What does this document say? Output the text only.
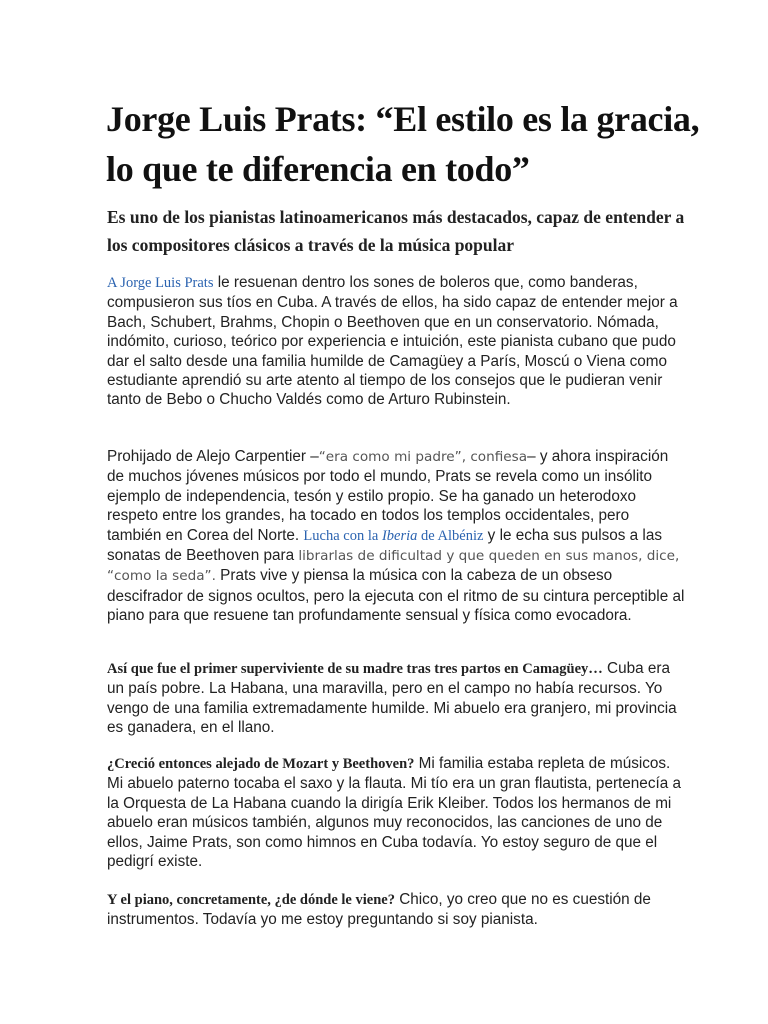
Jorge Luis Prats: “El estilo es la gracia, lo que te diferencia en todo”
Es uno de los pianistas latinoamericanos más destacados, capaz de entender a los compositores clásicos a través de la música popular

A Jorge Luis Prats le resuenan dentro los sones de boleros que, como banderas, compusieron sus tíos en Cuba. A través de ellos, ha sido capaz de entender mejor a Bach, Schubert, Brahms, Chopin o Beethoven que en un conservatorio. Nómada, indómito, curioso, teórico por experiencia e intuición, este pianista cubano que pudo dar el salto desde una familia humilde de Camagüey a París, Moscú o Viena como estudiante aprendió su arte atento al tiempo de los consejos que le pudieran venir tanto de Bebo o Chucho Valdés como de Arturo Rubinstein.

Prohijado de Alejo Carpentier –“era como mi padre”, confiesa– y ahora inspiración de muchos jóvenes músicos por todo el mundo, Prats se revela como un insólito ejemplo de independencia, tesón y estilo propio. Se ha ganado un heterodoxo respeto entre los grandes, ha tocado en todos los templos occidentales, pero también en Corea del Norte. Lucha con la Iberia de Albéniz y le echa sus pulsos a las sonatas de Beethoven para librarlas de dificultad y que queden en sus manos, dice, “como la seda”. Prats vive y piensa la música con la cabeza de un obseso descifrador de signos ocultos, pero la ejecuta con el ritmo de su cintura perceptible al piano para que resuene tan profundamente sensual y física como evocadora.

Así que fue el primer superviviente de su madre tras tres partos en Camagüey… Cuba era un país pobre. La Habana, una maravilla, pero en el campo no había recursos. Yo vengo de una familia extremadamente humilde. Mi abuelo era granjero, mi provincia es ganadera, en el llano.

¿Creció entonces alejado de Mozart y Beethoven? Mi familia estaba repleta de músicos. Mi abuelo paterno tocaba el saxo y la flauta. Mi tío era un gran flautista, pertenecía a la Orquesta de La Habana cuando la dirigía Erik Kleiber. Todos los hermanos de mi abuelo eran músicos también, algunos muy reconocidos, las canciones de uno de ellos, Jaime Prats, son como himnos en Cuba todavía. Yo estoy seguro de que el pedigrí existe.

Y el piano, concretamente, ¿de dónde le viene? Chico, yo creo que no es cuestión de instrumentos. Todavía yo me estoy preguntando si soy pianista.
